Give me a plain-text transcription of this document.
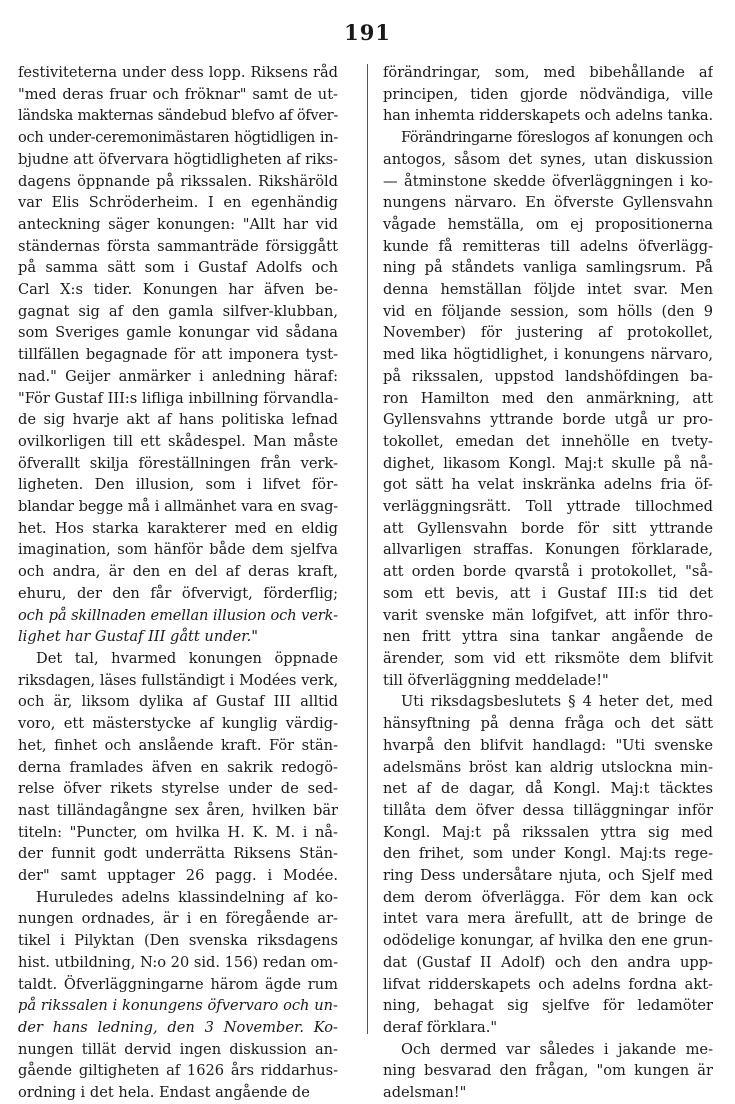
191
festiviteterna under dess lopp. Riksens råd
"med deras fruar och fröknar" samt de ut-
ländska makternas sändebud blefvo af öfver-
och under-ceremonimästaren högtidligen in-
bjudne att öfvervara högtidligheten af riks-
dagens öppnande på rikssalen. Rikshäröld
var Elis Schröderheim. I en egenhändig
anteckning säger konungen: "Allt har vid
ständernas första sammanträde försiggått
på samma sätt som i Gustaf Adolfs och
Carl X:s tider. Konungen har äfven be-
gagnat sig af den gamla silfver-klubban,
som Sveriges gamle konungar vid sådana
tillfällen begagnade för att imponera tyst-
nad." Geijer anmärker i anledning häraf:
"För Gustaf III:s lifliga inbillning förvandla-
de sig hvarje akt af hans politiska lefnad
ovilkorligen till ett skådespel. Man måste
öfverallt skilja föreställningen från verk-
ligheten. Den illusion, som i lifvet för-
blandar begge må i allmänhet vara en svag-
het. Hos starka karakterer med en eldig
imagination, som hänför både dem sjelfva
och andra, är den en del af deras kraft,
ehuru, der den får öfvervigt, förderflig;
och på skillnaden emellan illusion och verk-
lighet har Gustaf III gått under."
Det tal, hvarmed konungen öppnade
riksdagen, läses fullständigt i Modées verk,
och är, liksom dylika af Gustaf III alltid
voro, ett mästerstycke af kunglig värdig-
het, finhet och anslående kraft. För stän-
derna framlades äfven en sakrik redogö-
relse öfver rikets styrelse under de sed-
nast tilländagångne sex åren, hvilken bär
titeln: "Puncter, om hvilka H. K. M. i nå-
der funnit godt underrätta Riksens Stän-
der" samt upptager 26 pagg. i Modée.
Huruledes adelns klassindelning af ko-
nungen ordnades, är i en föregående ar-
tikel i Pilyktan (Den svenska riksdagens
hist. utbildning, N:o 20 sid. 156) redan om-
taldt. Öfverläggningarne härom ägde rum
på rikssalen i konungens öfvervaro och un-
der hans ledning, den 3 November. Ko-
nungen tillät dervid ingen diskussion an-
gående giltigheten af 1626 års riddarhus-
ordning i det hela. Endast angående de
förändringar, som, med bibehållande af
principen, tiden gjorde nödvändiga, ville
han inhemta ridderskapets och adelns tanka.
Förändringarne föreslogos af konungen och
antogos, såsom det synes, utan diskussion
— åtminstone skedde öfverläggningen i ko-
nungens närvaro. En öfverste Gyllensvahn
vågade hemställa, om ej propositionerna
kunde få remitteras till adelns öfverlägg-
ning på ståndets vanliga samlingsrum. På
denna hemställan följde intet svar. Men
vid en följande session, som hölls (den 9
November) för justering af protokollet,
med lika högtidlighet, i konungens närvaro,
på rikssalen, uppstod landshöfdingen ba-
ron Hamilton med den anmärkning, att
Gyllensvahns yttrande borde utgå ur pro-
tokollet, emedan det innehölle en tvety-
dighet, likasom Kongl. Maj:t skulle på nå-
got sätt ha velat inskränka adelns fria öf-
verläggningsrätt. Toll yttrade tillochmed
att Gyllensvahn borde för sitt yttrande
allvarligen straffas. Konungen förklarade,
att orden borde qvarstå i protokollet, "så-
som ett bevis, att i Gustaf III:s tid det
varit svenske män lofgifvet, att inför thro-
nen fritt yttra sina tankar angående de
ärender, som vid ett riksmöte dem blifvit
till öfverläggning meddelade!"
Uti riksdagsbeslutets § 4 heter det, med
hänsyftning på denna fråga och det sätt
hvarpå den blifvit handlagd: "Uti svenske
adelsmäns bröst kan aldrig utslockna min-
net af de dagar, då Kongl. Maj:t täcktes
tillåta dem öfver dessa tilläggningar inför
Kongl. Maj:t på rikssalen yttra sig med
den frihet, som under Kongl. Maj:ts rege-
ring Dess undersåtare njuta, och Sjelf med
dem derom öfverlägga. För dem kan ock
intet vara mera ärefullt, att de bringe de
odödelige konungar, af hvilka den ene grun-
dat (Gustaf II Adolf) och den andra upp-
lifvat ridderskapets och adelns fordna akt-
ning, behagat sig sjelfve för ledamöter
deraf förklara."
Och dermed var således i jakande me-
ning besvarad den frågan, "om kungen är
adelsman!"
